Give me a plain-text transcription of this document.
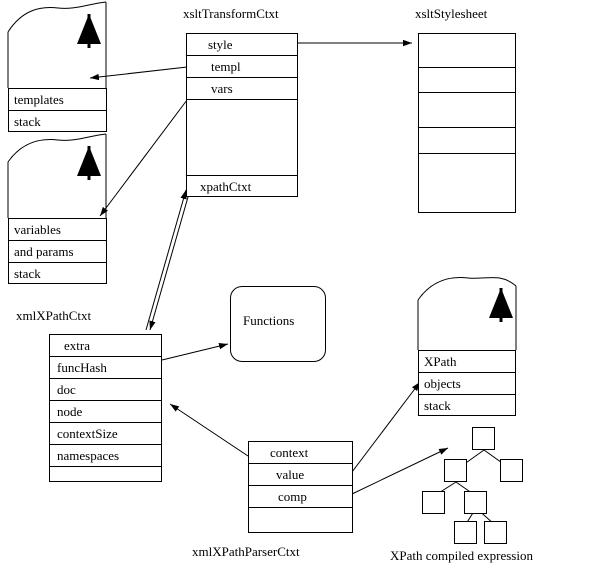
templates
stack
variables
and params
stack
xsltTransformCtxt
style
templ
vars
xpathCtxt
xsltStylesheet
xmlXPathCtxt
extra
funcHash
doc
node
contextSize
namespaces
Functions
XPath
objects
stack
context
value
comp
xmlXPathParserCtxt	XPath compiled expression
